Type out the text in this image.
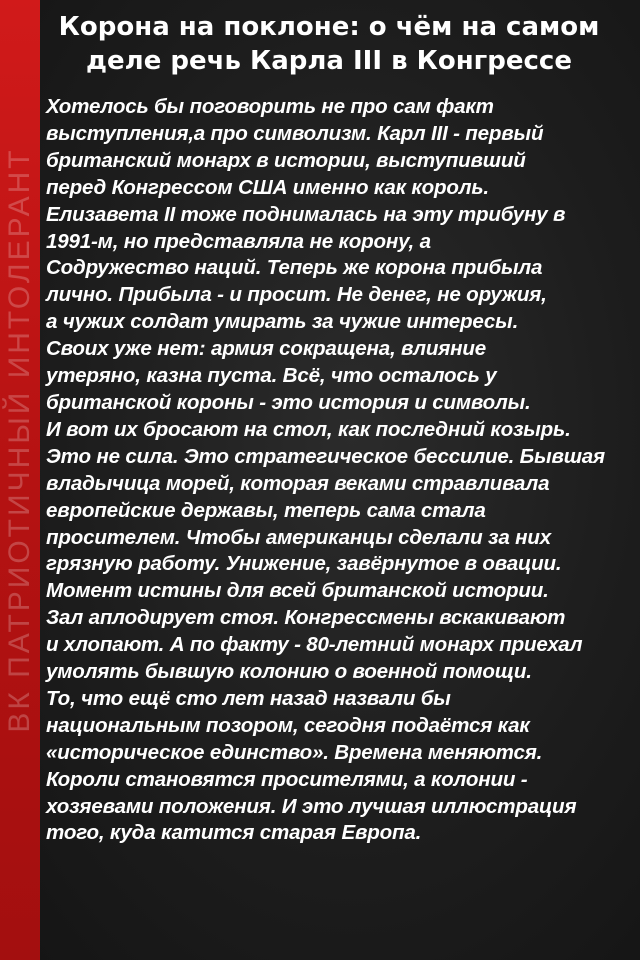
ВК ПАТРИОТИЧНЫЙ ИНТОЛЕРАНТ
Корона на поклоне: о чём на самом
деле речь Карла III в Конгрессе
Хотелось бы поговорить не про сам факт
выступления,а про символизм. Карл III - первый
британский монарх в истории, выступивший
перед Конгрессом США именно как король.
Елизавета II тоже поднималась на эту трибуну в
1991-м, но представляла не корону, а
Содружество наций. Теперь же корона прибыла
лично. Прибыла - и просит. Не денег, не оружия,
а чужих солдат умирать за чужие интересы.
Своих уже нет: армия сокращена, влияние
утеряно, казна пуста. Всё, что осталось у
британской короны - это история и символы.
И вот их бросают на стол, как последний козырь.
Это не сила. Это стратегическое бессилие. Бывшая
владычица морей, которая веками стравливала
европейские державы, теперь сама стала
просителем. Чтобы американцы сделали за них
грязную работу. Унижение, завёрнутое в овации.
Момент истины для всей британской истории.
Зал аплодирует стоя. Конгрессмены вскакивают
и хлопают. А по факту - 80-летний монарх приехал
умолять бывшую колонию о военной помощи.
То, что ещё сто лет назад назвали бы
национальным позором, сегодня подаётся как
«историческое единство». Времена меняются.
Короли становятся просителями, а колонии -
хозяевами положения. И это лучшая иллюстрация
того, куда катится старая Европа.
